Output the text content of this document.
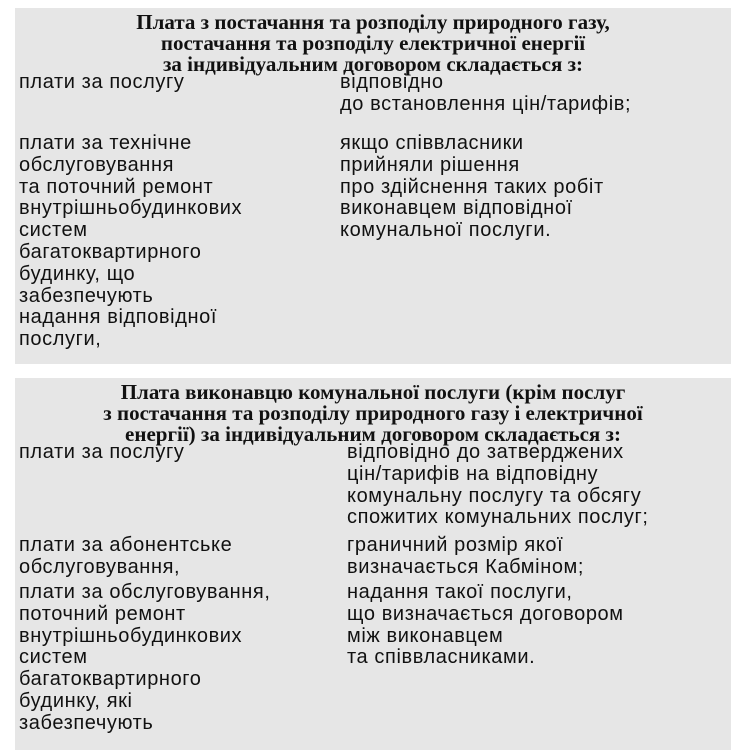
Плата з постачання та розподілу природного газу,
постачання та розподілу електричної енергії
за індивідуальним договором складається з:
плати за послугу	відповідно
до встановлення цін/тарифів;
плати за технічне
обслуговування
та поточний ремонт
внутрішньобудинкових
систем
багатоквартирного
будинку, що
забезпечують
надання відповідної
послуги,
якщо співвласники
прийняли рішення
про здійснення таких робіт
виконавцем відповідної
комунальної послуги.
Плата виконавцю комунальної послуги (крім послуг
з постачання та розподілу природного газу і електричної
енергії) за індивідуальним договором складається з:
плати за послугу	відповідно до затверджених
цін/тарифів на відповідну
комунальну послугу та обсягу
спожитих комунальних послуг;
плати за абонентське
обслуговування,
граничний розмір якої
визначається Кабміном;
плати за обслуговування,
поточний ремонт
внутрішньобудинкових
систем
багатоквартирного
будинку, які
забезпечують
надання такої послуги,
що визначається договором
між виконавцем
та співвласниками.
